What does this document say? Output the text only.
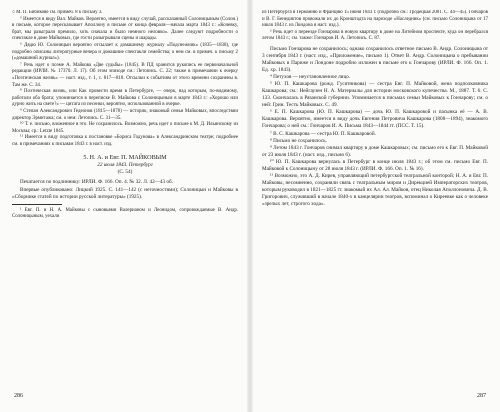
○ М. П. Бибикове см. примеч. 8 к письму 3.

⁵ Имеется в виду Вал. Майков. Вероятно, имеется в виду случай, рассказанный Солоницыным (Солон.) в письме, которое пересказывает Аполлону в письме от конца февраля—начала марта 1843 г.: «Кочевку, брат, мы разыграли премило, хоть сначала и было немного неловко». Далее следуют подробности о спектакле в доме Майковых, где гости разыгрывали сцены и шарады.

⁶ Дядю Ю. Солоницын вероятно отсылает к домашнему журналу «Подснежник» (1835—1838), где подробно описаны литературные вечера и домашние спектакли семейства; о нем см. в примеч. к письму 2 («домашний журнал»).

⁷ Речь идет о поэме А. Майкова «Две судьбы» (1845). В ПД хранится рукопись ее первоначальной редакции (ИРЛИ. № 17370. Л. 17). Об этом эпизоде см.: Летопись. С. 22; также в примечании к очерку «Поэтическая жизнь» — наст. изд., т. 1, с. 817—818. Отсылки к событиям от этого времени сохранены в. Там же. С. 34.

⁸ Поэтическая жизнь, или Как провести время в Петербурге, — очерк, над которым, по-видимому, работали оба брата; упоминается в переписке В. Майкова с Солоницыным в марте 1843 г.: «Хорошо или дурно жить на свете?» — цитата из песенки, вероятно, использованной в очерке.

⁹ Степан Александрович Гедеонов (1815—1878) — историк, знакомый семьи Майковых, впоследствии директор Эрмитажа; см. о нем: Летопись. С. 31—35.

¹⁰ Т. е. письмо, вложенное в это. Не сохранилось. Возможно, речь идет о письме к М. Д. Ильинскому из Москвы; ср.: Letzte 1845.

¹¹ Имеется в виду подготовка к постановке «Бориса Годунова» в Александринском театре; подробнее см. в примечаниях к письмам 1843 г. в наст. изд.

5. Н. А. и Евг. П. МАЙКОВЫМ

22 июля 1843. Петербург

(С. 54)

Печатается по подлиннику: ИРЛИ. Ф. 166. Оп. 4. № 32. Л. 42—43 об.

Впервые опубликовано: Лицкий 1925. С. 141—142 (с неточностями); Солоницын и Майковы в «Сборнике статей по истории русской литературы» (1925).

¹ Евг. П. и Н. А. Майковы с сыновьями Валерианом и Леонидом, сопровождаемые В. Андр. Солоницыным, уехали

286

из Петербурга в Германию и Францию 15 июня 1843 г. (подробно см.: Гродецкая 2001. С. 44—45). Гончаров и В. Г. Бенедиктов провожали их до Кронштадта на пароходе «Наследник» (см. письмо Солоницына от 17 июля 1843 г. из Лондона в наст. изд.).

² Речь идет о переезде Гончарова в новую квартиру в доме на Литейном проспекте, куда он перебрался летом 1843 г.; см. также: Гончаров И. А. Летопись. С. 87.

Письмо Гончарова не сохранилось; однако сохранилось ответное письмо В. Андр. Солоницына от 3 сентября 1843 г. (наст. изд., «Приложение», письмо 1). Ответ В. Андр. Солоницына о пребывании Майковых в Париже и Лондоне подробно изложен в письме его к Гончарову (ИРЛИ. Ф. 166. Оп. 1. Ед. хр. 1843).

⁴ Петухов — неустановленное лицо.

⁵ Ю. П. Кашкарова (рожд. Гусятникова) — сестра Евг. П. Майковой, жена подполковника Кашкарова; см.: Нейгаузен Н. А. Материалы для истории московского купечества. М., 1887. Т. 6. С. 133. Скончалась в Рязанской губернии. Упоминается в письмах семьи Майковых к Гончарову; см. о ней: Грин. Тесть Майковых. С. 49.

⁶ Е. П. Кашкарова (Ю. П. Кашкарова) — дочь Ю. П. Кашкаровой и пасынка её — А. В. Кашкарова. Вероятно, имеется в виду дочь Евгения Петровича Кашкарова (1808—1894), знакомого Гончарова; о ней см.: Гончаров И. А. Письма 1843—1844 гг. (ПСС. Т. 15).

⁷ В. С. Кашкарова — сестра Ю. П. Кашкаровой.

⁸ Письмо не сохранилось.

⁹ Летом 1843 г. Гончаров снимал квартиру в доме Кашкаровых; см. письмо его к Евг. П. Майковой от 23 июля 1843 г. (наст. изд., письмо 6).

¹⁰ Ю. П. Кашкарова вернулась в Петербург в конце июля 1843 г.; об этом см. письмо Евг. П. Майковой к Солоницыну от 28 июля 1843 г. (ИРЛИ. Ф. 166. Оп. 1. № 16).

¹¹ Возможно, это А. Д. Кирев, управляющий петербургской театральной конторой; Н. А. и Евг. П. Майковы, несомненно, сохраняли связь с театральным миром и Дирекцией Императорских театров, которым руководил в 1821—1825 гг. знакомый их Ал. Ал. Майков, отец Николая Аполлоновича. Д. В. Григорович, служивший в начале 1840-х в канцелярии театров, вспоминал о Киреевке как о человеке «зрелых лет, строгого хода».

287
